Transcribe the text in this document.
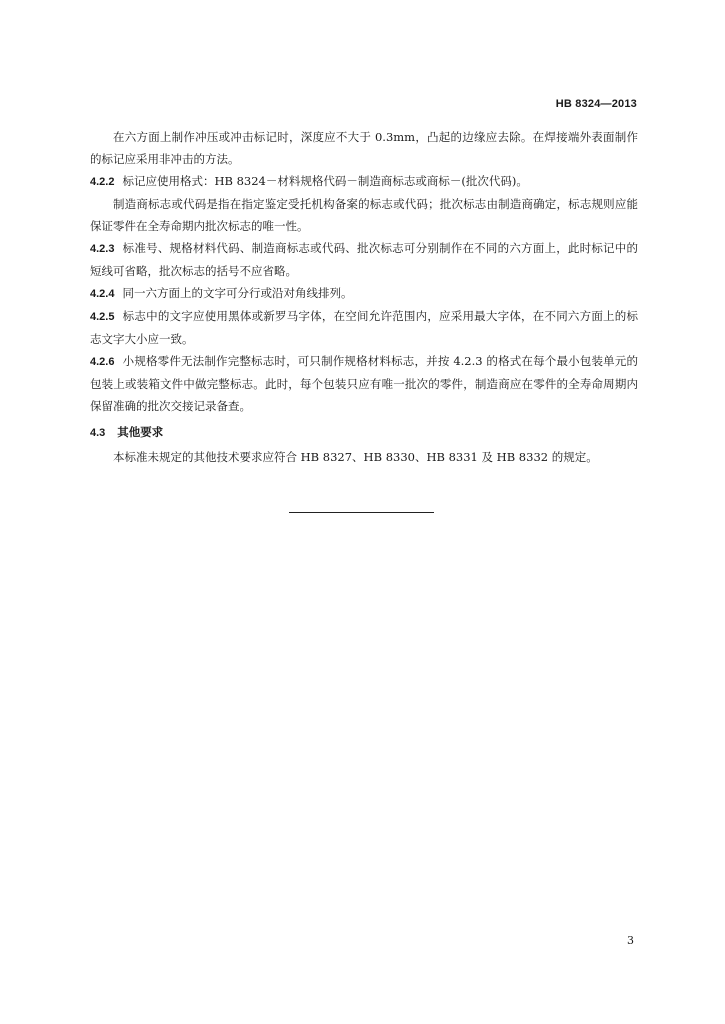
HB 8324—2013

在六方面上制作冲压或冲击标记时，深度应不大于 0.3mm，凸起的边缘应去除。在焊接端外表面制作的标记应采用非冲击的方法。

4.2.2 标记应使用格式：HB 8324－材料规格代码－制造商标志或商标－(批次代码)。

制造商标志或代码是指在指定鉴定受托机构备案的标志或代码；批次标志由制造商确定，标志规则应能保证零件在全寿命期内批次标志的唯一性。

4.2.3 标准号、规格材料代码、制造商标志或代码、批次标志可分别制作在不同的六方面上，此时标记中的短线可省略，批次标志的括号不应省略。

4.2.4 同一六方面上的文字可分行或沿对角线排列。

4.2.5 标志中的文字应使用黑体或新罗马字体，在空间允许范围内，应采用最大字体，在不同六方面上的标志文字大小应一致。

4.2.6 小规格零件无法制作完整标志时，可只制作规格材料标志，并按 4.2.3 的格式在每个最小包装单元的包装上或装箱文件中做完整标志。此时，每个包装只应有唯一批次的零件，制造商应在零件的全寿命周期内保留准确的批次交接记录备查。

4.3 其他要求

本标准未规定的其他技术要求应符合 HB 8327、HB 8330、HB 8331 及 HB 8332 的规定。

3
